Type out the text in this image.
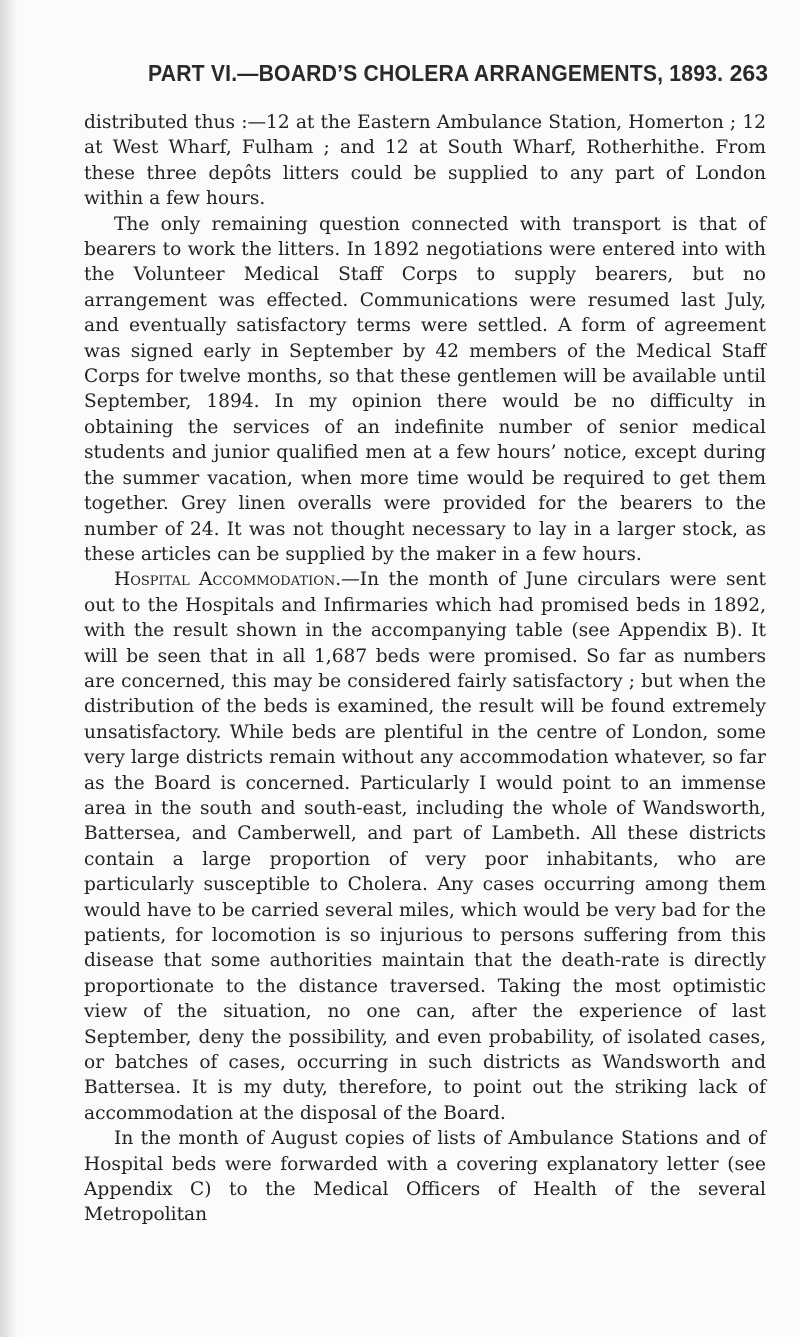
PART VI.—BOARD’S CHOLERA ARRANGEMENTS, 1893. 263

distributed thus :—12 at the Eastern Ambulance Station, Homerton ; 12 at West Wharf, Fulham ; and 12 at South Wharf, Rotherhithe. From these three depôts litters could be supplied to any part of London within a few hours.

The only remaining question connected with transport is that of bearers to work the litters. In 1892 negotiations were entered into with the Volunteer Medical Staff Corps to supply bearers, but no arrangement was effected. Communications were resumed last July, and eventually satisfactory terms were settled. A form of agreement was signed early in September by 42 members of the Medical Staff Corps for twelve months, so that these gentlemen will be available until September, 1894. In my opinion there would be no difficulty in obtaining the services of an indefinite number of senior medical students and junior qualified men at a few hours’ notice, except during the summer vacation, when more time would be required to get them together. Grey linen overalls were provided for the bearers to the number of 24. It was not thought necessary to lay in a larger stock, as these articles can be supplied by the maker in a few hours.

Hospital Accommodation.—In the month of June circulars were sent out to the Hospitals and Infirmaries which had promised beds in 1892, with the result shown in the accompanying table (see Appendix B). It will be seen that in all 1,687 beds were promised. So far as numbers are concerned, this may be considered fairly satisfactory ; but when the distribution of the beds is examined, the result will be found extremely unsatisfactory. While beds are plentiful in the centre of London, some very large districts remain without any accommodation whatever, so far as the Board is concerned. Particularly I would point to an immense area in the south and south-east, including the whole of Wandsworth, Battersea, and Camberwell, and part of Lambeth. All these districts contain a large proportion of very poor inhabitants, who are particularly susceptible to Cholera. Any cases occurring among them would have to be carried several miles, which would be very bad for the patients, for locomotion is so injurious to persons suffering from this disease that some authorities maintain that the death-rate is directly proportionate to the distance traversed. Taking the most optimistic view of the situation, no one can, after the experience of last September, deny the possibility, and even probability, of isolated cases, or batches of cases, occurring in such districts as Wandsworth and Battersea. It is my duty, therefore, to point out the striking lack of accommodation at the disposal of the Board.

In the month of August copies of lists of Ambulance Stations and of Hospital beds were forwarded with a covering explanatory letter (see Appendix C) to the Medical Officers of Health of the several Metropolitan
